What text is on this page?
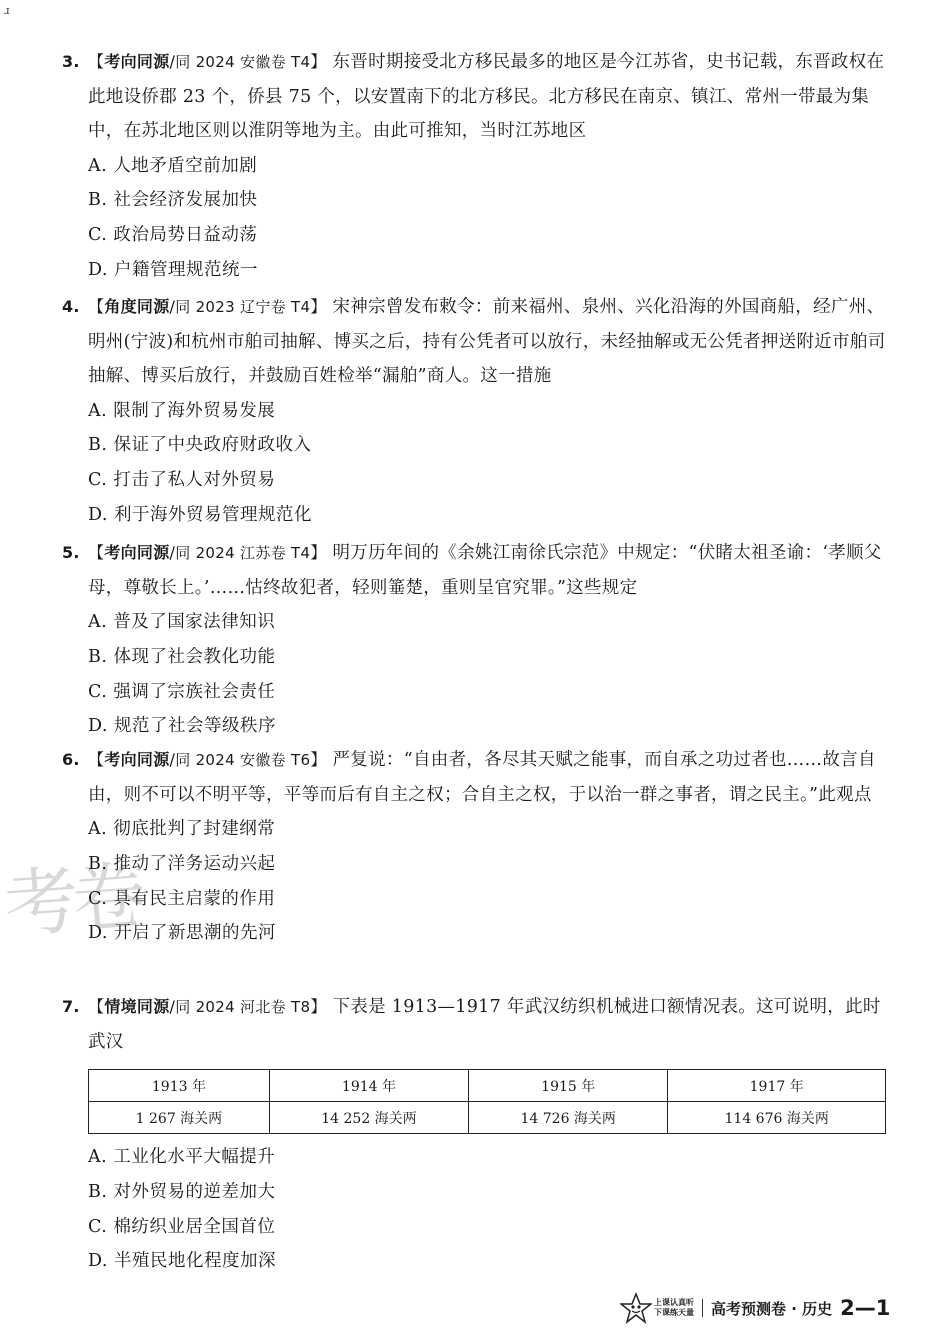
ɹ
考卷
3. 【考向同源/同 2024 安徽卷 T4】 东晋时期接受北方移民最多的地区是今江苏省，史书记载，东晋政权在此地设侨郡 23 个，侨县 75 个，以安置南下的北方移民。北方移民在南京、镇江、常州一带最为集中，在苏北地区则以淮阴等地为主。由此可推知，当时江苏地区
A. 人地矛盾空前加剧
B. 社会经济发展加快
C. 政治局势日益动荡
D. 户籍管理规范统一
4. 【角度同源/同 2023 辽宁卷 T4】 宋神宗曾发布敕令：前来福州、泉州、兴化沿海的外国商船，经广州、明州(宁波)和杭州市舶司抽解、博买之后，持有公凭者可以放行，未经抽解或无公凭者押送附近市舶司抽解、博买后放行，并鼓励百姓检举“漏舶”商人。这一措施
A. 限制了海外贸易发展
B. 保证了中央政府财政收入
C. 打击了私人对外贸易
D. 利于海外贸易管理规范化
5. 【考向同源/同 2024 江苏卷 T4】 明万历年间的《余姚江南徐氏宗范》中规定：“伏睹太祖圣谕：‘孝顺父母，尊敬长上。’……怙终故犯者，轻则箠楚，重则呈官究罪。”这些规定
A. 普及了国家法律知识
B. 体现了社会教化功能
C. 强调了宗族社会责任
D. 规范了社会等级秩序
6. 【考向同源/同 2024 安徽卷 T6】 严复说：“自由者，各尽其天赋之能事，而自承之功过者也……故言自由，则不可以不明平等，平等而后有自主之权；合自主之权，于以治一群之事者，谓之民主。”此观点
A. 彻底批判了封建纲常
B. 推动了洋务运动兴起
C. 具有民主启蒙的作用
D. 开启了新思潮的先河
7. 【情境同源/同 2024 河北卷 T8】 下表是 1913—1917 年武汉纺织机械进口额情况表。这可说明，此时武汉
1913 年	1914 年	1915 年	1917 年
1 267 海关两	14 252 海关两	14 726 海关两	114 676 海关两
A. 工业化水平大幅提升
B. 对外贸易的逆差加大
C. 棉纺织业居全国首位
D. 半殖民地化程度加深
上课认真听
下课练天量 高考预测卷 · 历史 2—1
